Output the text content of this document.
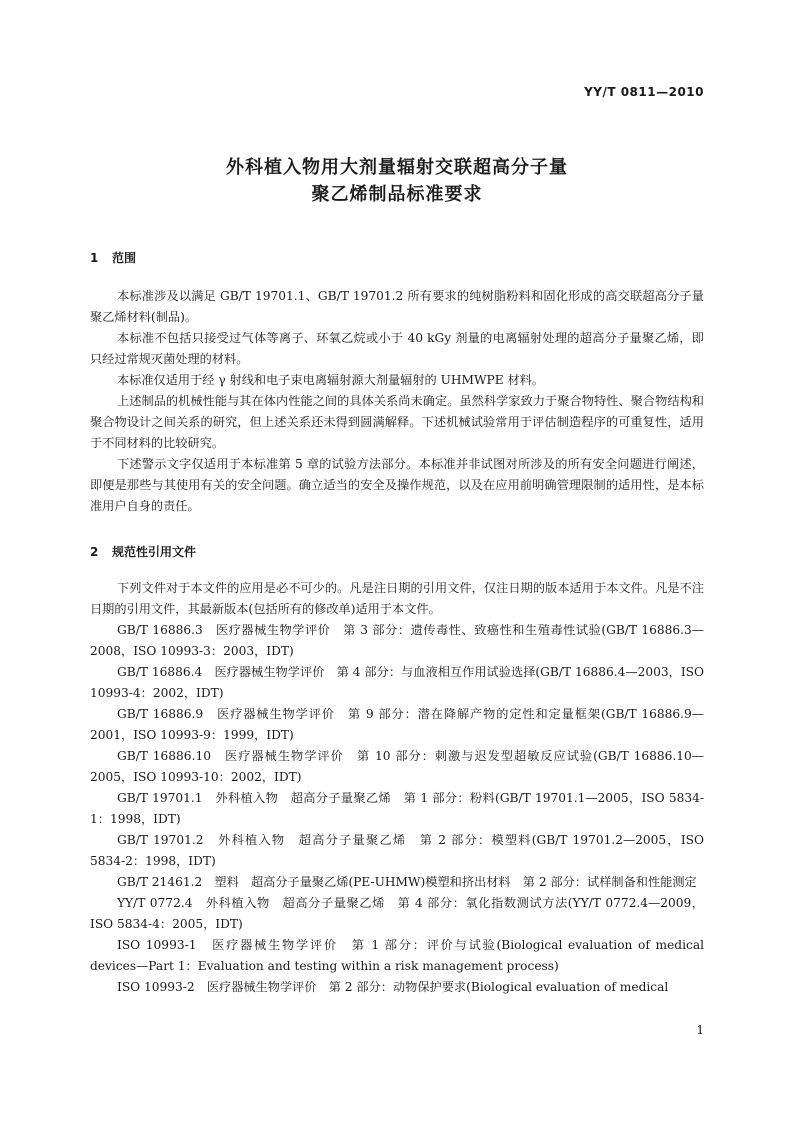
YY/T 0811—2010
外科植入物用大剂量辐射交联超高分子量
聚乙烯制品标准要求
1 范围

本标准涉及以满足 GB/T 19701.1、GB/T 19701.2 所有要求的纯树脂粉料和固化形成的高交联超高分子量聚乙烯材料(制品)。

本标准不包括只接受过气体等离子、环氧乙烷或小于 40 kGy 剂量的电离辐射处理的超高分子量聚乙烯，即只经过常规灭菌处理的材料。

本标准仅适用于经 γ 射线和电子束电离辐射源大剂量辐射的 UHMWPE 材料。

上述制品的机械性能与其在体内性能之间的具体关系尚未确定。虽然科学家致力于聚合物特性、聚合物结构和聚合物设计之间关系的研究，但上述关系还未得到圆满解释。下述机械试验常用于评估制造程序的可重复性，适用于不同材料的比较研究。

下述警示文字仅适用于本标准第 5 章的试验方法部分。本标准并非试图对所涉及的所有安全问题进行阐述，即便是那些与其使用有关的安全问题。确立适当的安全及操作规范，以及在应用前明确管理限制的适用性，是本标准用户自身的责任。

2 规范性引用文件

下列文件对于本文件的应用是必不可少的。凡是注日期的引用文件，仅注日期的版本适用于本文件。凡是不注日期的引用文件，其最新版本(包括所有的修改单)适用于本文件。

GB/T 16886.3　医疗器械生物学评价　第 3 部分：遗传毒性、致癌性和生殖毒性试验(GB/T 16886.3—2008，ISO 10993-3：2003，IDT)

GB/T 16886.4　医疗器械生物学评价　第 4 部分：与血液相互作用试验选择(GB/T 16886.4—2003，ISO 10993-4：2002，IDT)

GB/T 16886.9　医疗器械生物学评价　第 9 部分：潜在降解产物的定性和定量框架(GB/T 16886.9—2001，ISO 10993-9：1999，IDT)

GB/T 16886.10　医疗器械生物学评价　第 10 部分：刺激与迟发型超敏反应试验(GB/T 16886.10—2005，ISO 10993-10：2002，IDT)

GB/T 19701.1　外科植入物　超高分子量聚乙烯　第 1 部分：粉料(GB/T 19701.1—2005，ISO 5834-1：1998，IDT)

GB/T 19701.2　外科植入物　超高分子量聚乙烯　第 2 部分：模塑料(GB/T 19701.2—2005，ISO 5834-2：1998，IDT)

GB/T 21461.2　塑料　超高分子量聚乙烯(PE-UHMW)模塑和挤出材料　第 2 部分：试样制备和性能测定

YY/T 0772.4　外科植入物　超高分子量聚乙烯　第 4 部分：氧化指数测试方法(YY/T 0772.4—2009，ISO 5834-4：2005，IDT)

ISO 10993-1　医疗器械生物学评价　第 1 部分：评价与试验(Biological evaluation of medical devices—Part 1：Evaluation and testing within a risk management process)

ISO 10993-2　医疗器械生物学评价　第 2 部分：动物保护要求(Biological evaluation of medical

1
